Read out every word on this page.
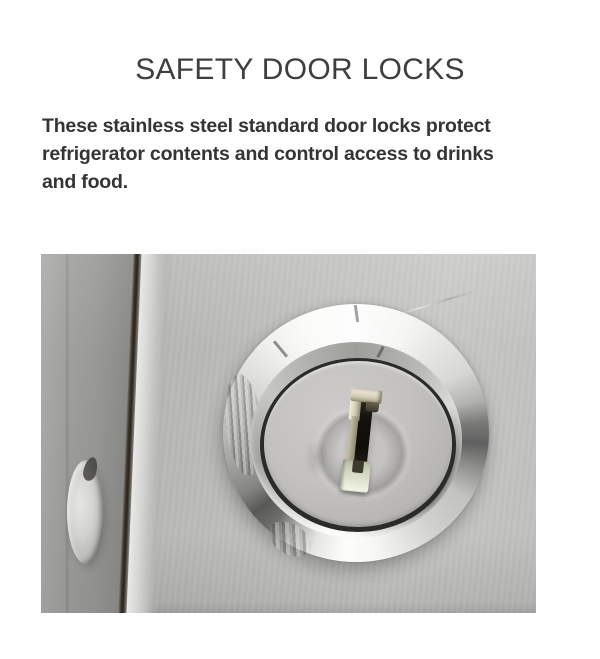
SAFETY DOOR LOCKS

These stainless steel standard door locks protect
refrigerator contents and control access to drinks
and food.
